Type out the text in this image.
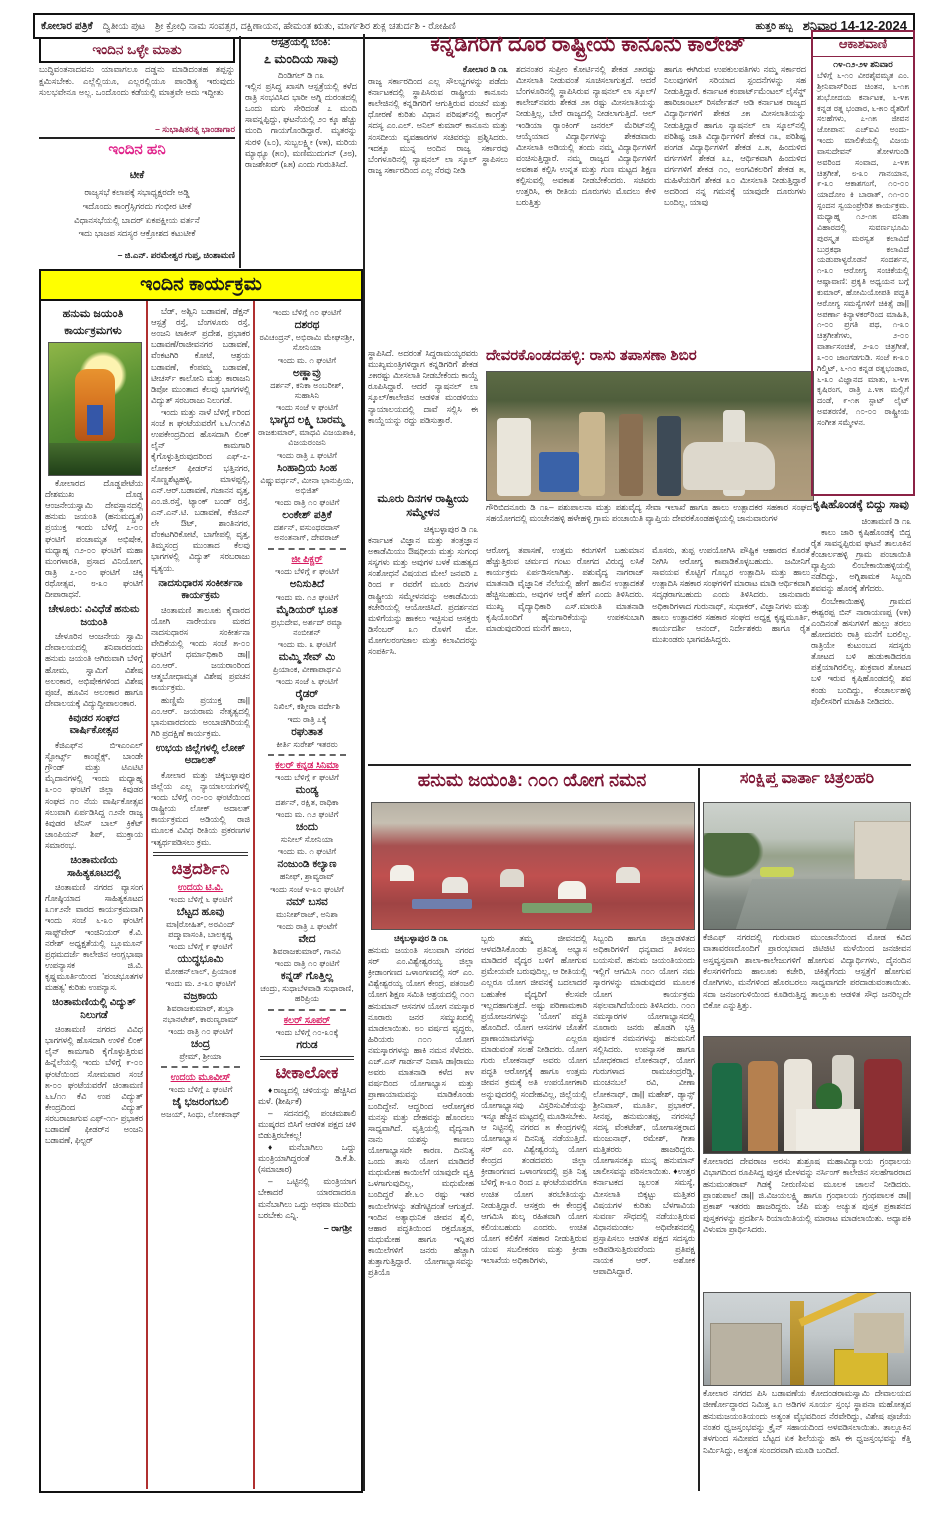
ಕೋಲಾರ ಪತ್ರಿಕೆ ದ್ವಿತೀಯ ಪುಟ ಶ್ರೀ ಕ್ರೋಧಿ ನಾಮ ಸಂವತ್ಸರ, ದಕ್ಷಿಣಾಯನ, ಹೇಮಂತ ಋತು, ಮಾರ್ಗಶಿರ ಶುಕ್ಲ ಚತುರ್ದಶಿ - ರೋಹಿಣಿ	ಹುತ್ತರಿ ಹಬ್ಬ ಶನಿವಾರ 14-12-2024
ಇಂದಿನ ಒಳ್ಳೇ ಮಾತು
ಬುದ್ಧಿವಂತನಾದವನು ಯಾವಾಗಲೂ ದಡ್ಡನು ಮಾಡಿದಂತಹ ತಪ್ಪನ್ನು ಕ್ಷಮಿಸಬೇಕು. ಎಲ್ಲೆಲ್ಲಿಯೂ, ಎಲ್ಲರಲ್ಲಿಯೂ ಪಾಂಡಿತ್ಯ ಇರುವುದು ಸುಲಭವೇನೂ ಅಲ್ಲ. ಒಂದೊಂದು ಕಡೆಯಲ್ಲಿ ಮಾತ್ರವೇ ಅದು ಇದ್ದೀತು
– ಸುಭಾಷಿತರತ್ನ ಭಾಂಡಾಗಾರ
ಇಂದಿನ ಹನಿ
ಟೀಕೆ
ರಾಜ್ಯಸಭೆ ಕಲಾಪಕ್ಕೆ ಸಭಾಧ್ಯಕ್ಷರದೇ ಅಡ್ಡಿ
ಇದೊಂದು ಕಾಂಗ್ರೆಸ್ಸಿಗರದು ಗಂಭೀರ ಟೀಕೆ
ವಿಧಾನಸಭೆಯಲ್ಲಿ ಬಾದರ್ ಏಕಪಕ್ಷೀಯ ವರ್ತನೆ
ಇದು ಭಾಜಪ ಸದಸ್ಯರ ಆಕ್ರೋಶದ ಕಟುಟೀಕೆ
– ಜಿ.ಎನ್. ಪರಮೇಶ್ವರ ಗುಪ್ತ, ಚಿಂಶಾಮಣಿ
ಆಸ್ಪತ್ರೆಯಲ್ಲಿ ಬೆಂಕಿ:
೭ ಮಂದಿಯ ಸಾವು
ದಿಂಡಿಗಲ್ ಡಿ ೧೩
ಇಲ್ಲಿನ ಪ್ರಸಿದ್ಧ ಖಾಸಗಿ ಆಸ್ಪತ್ರೆಯಲ್ಲಿ ಕಳೆದ ರಾತ್ರಿ ಸಂಭವಿಸಿದ ಭಾರೀ ಅಗ್ನಿ ದುರಂತದಲ್ಲಿ ಒಂದು ಮಗು ಸೇರಿದಂತೆ ೭ ಮಂದಿ ಸಾವನ್ನಪ್ಪಿದ್ದು, ಘಟನೆಯಲ್ಲಿ ೨೦ ಕ್ಕೂ ಹೆಚ್ಚು ಮಂದಿ ಗಾಯಗೊಂಡಿದ್ದಾರೆ. ಮೃತರನ್ನು ಸುರಳಿ (೬೦), ಸುಬ್ಬಲಕ್ಷ್ಮೀ (೪೫), ಮರಿಯ ಮ್ಯಾಥ್ಯೂ (೫೦), ಮಣಿಮುದುಗನ್ (೨೮), ರಾಜಶೇಖರ್ (೩೫) ಎಂದು ಗುರುತಿಸಿದೆ.
ಕನ್ನಡಿಗರಿಗೆ ದೂರ ರಾಷ್ಟ್ರೀಯ ಕಾನೂನು ಕಾಲೇಜ್
ಕೋಲಾರ ಡಿ ೧೩
ರಾಜ್ಯ ಸರ್ಕಾರದಿಂದ ಎಲ್ಲ ಸೌಲಭ್ಯಗಳನ್ನು ಪಡೆದು ಕರ್ನಾಟಕದಲ್ಲಿ ಸ್ಥಾಪಿಸಿರುವ ರಾಷ್ಟ್ರೀಯ ಕಾನೂನು ಕಾಲೇಜಿನಲ್ಲಿ ಕನ್ನಡಿಗರಿಗೆ ಆಗುತ್ತಿರುವ ವಂಚನೆ ಮತ್ತು ಧೋರಣೆ ಕುರಿತು ವಿಧಾನ ಪರಿಷತ್‌ನಲ್ಲಿ ಕಾಂಗ್ರೆಸ್ ಸದಸ್ಯ ಎಂ.ಎಲ್. ಅನಿಲ್ ಕುಮಾರ್ ಕಾನೂನು ಮತ್ತು ಸಂಸದೀಯ ವ್ಯವಹಾರಗಳ ಸಚಿವರನ್ನು ಪ್ರಶ್ನಿಸಿದರು. ಇದಕ್ಕೂ ಮುನ್ನ ಅಂದಿನ ರಾಜ್ಯ ಸರ್ಕಾರವು ಬೆಂಗಳೂರಿನಲ್ಲಿ ನ್ಯಾಷನಲ್ ಲಾ ಸ್ಕೂಲ್ ಸ್ಥಾಪಿಸಲು ರಾಜ್ಯ ಸರ್ಕಾರದಿಂದ ಎಲ್ಲ ನೆರವು ನೀಡಿ
ಶದನಂತರ ಸುಪ್ರೀಂ ಕೋರ್ಟಿನಲ್ಲಿ ಶೇಕಡ ೨೫ರಷ್ಟು ಮೀಸಲಾತಿ ನೀಡುವಂತೆ ಸೂಚಿಸಲಾಗುತ್ತದೆ. ಆದರೆ ಬೆಂಗಳೂರಿನಲ್ಲಿ ಸ್ಥಾಪಿಸಿರುವ ನ್ಯಾಷನಲ್ ಲಾ ಸ್ಕೂಲ್/ಕಾಲೇಜ್‌ನವರು ಶೇಕಡ ೨೫ ರಷ್ಟು ಮೀಸಲಾತಿಯನ್ನು ನೀಡುತ್ತಿಲ್ಲ, ಬೇರೆ ರಾಜ್ಯದಲ್ಲಿ ನೀಡಲಾಗುತ್ತಿದೆ. ಆಲ್ ಇಂಡಿಯಾ ರ‍್ಯಾಂಕಿಂಗ್ ಜನರಲ್ ಮೆರಿಟ್‌ನಲ್ಲಿ ಆಯ್ಕೆಯಾದ ವಿದ್ಯಾರ್ಥಿಗಳನ್ನು ಶೇಕಡವಾರು ಮೀಸಲಾತಿ ಅಡಿಯಲ್ಲಿ ತಂದು ನಮ್ಮ ವಿದ್ಯಾರ್ಥಿಗಳಿಗೆ ವಂಚಿಸುತ್ತಿದ್ದಾರೆ. ನಮ್ಮ ರಾಜ್ಯದ ವಿದ್ಯಾರ್ಥಿಗಳಿಗೆ ಅವಕಾಶ ಕಲ್ಪಿಸಿ ಉನ್ನತ ಮತ್ತು ಗುಣ ಮಟ್ಟದ ಶಿಕ್ಷಣ ಕಲ್ಪಿಸುವಲ್ಲಿ ಅವಕಾಶ ನೀಡಬೇಕೆಂದರು. ಸಚಿವರು ಉತ್ತರಿಸಿ, ಈ ರೀತಿಯ ದೂರುಗಳು ಮೊದಲು ಕೇಳಿ ಬರುತ್ತಿತ್ತು
ಹಾಗೂ ಈಗಿರುವ ಉಪಕುಲಪತಿಗಳು ನಮ್ಮ ಸರ್ಕಾರದ ನಿಲುವುಗಳಿಗೆ ಸರಿಯಾದ ಸ್ಪಂದನೆಗಳನ್ನು ಸಹ ನೀಡುತ್ತಿದ್ದಾರೆ. ಕರ್ನಾಟಕ ಕಂಪಾರ್ಟ್‌ಮೆಂಟಲ್ ಲೈಸೆನ್ಡ್ ಹಾರಿಜಾಂಟಲ್ ರಿಸರ್ವೇಶನ್ ಆಡಿ ಕರ್ನಾಟಕ ರಾಜ್ಯದ ವಿದ್ಯಾರ್ಥಿಗಳಿಗೆ ಶೇಕಡ ೨೫ ಮೀಸಲಾತಿಯನ್ನು ನೀಡುತ್ತಿದ್ದಾರೆ ಹಾಗೂ ನ್ಯಾಷನಲ್ ಲಾ ಸ್ಕೂಲ್‌ನಲ್ಲಿ ಪರಿಶಿಷ್ಟ ಜಾತಿ ವಿದ್ಯಾರ್ಥಿಗಳಿಗೆ ಶೇಕಡ ೧೩, ಪರಿಶಿಷ್ಟ ಪಂಗಡ ವಿದ್ಯಾರ್ಥಿಗಳಿಗೆ ಶೇಕಡ ೭.೫, ಹಿಂದುಳಿದ ವರ್ಗಗಳಿಗೆ ಶೇಕಡ ೩೭, ಆರ್ಥಿಕವಾಗಿ ಹಿಂದುಳಿದ ವರ್ಗಗಳಿಗೆ ಶೇಕಡ ೧೦, ಅಂಗವಿಕಲರಿಗೆ ಶೇಕಡ ೫, ಮಹಿಳೆಯರಿಗೆ ಶೇಕಡ ೩೦ ಮೀಸಲಾತಿ ನೀಡುತ್ತಿದ್ದಾರೆ ಅದರಿಂದ ನನ್ನ ಗಮನಕ್ಕೆ ಯಾವುದೇ ದೂರುಗಳು ಬಂದಿಲ್ಲ, ಯಾವು
ಸ್ಥಾಪಿಸಿದೆ. ಅದರಂತೆ ಸಿದ್ದರಾಮಯ್ಯರವರು ಮುಖ್ಯಮಂತ್ರಿಗಳಿದ್ದಾಗ ಕನ್ನಡಿಗರಿಗೆ ಶೇಕಡ ೨೫ರಷ್ಟು ಮೀಸಲಾತಿ ನೀಡಬೇಕೆಂದು ಕಾಯ್ದೆ ರೂಪಿಸಿದ್ದಾರೆ. ಆದರೆ ನ್ಯಾಷನಲ್ ಲಾ ಸ್ಕೂಲ್/ಕಾಲೇಜಿನ ಆಡಳಿತ ಮಂಡಳಿಯು ನ್ಯಾಯಾಲಯದಲ್ಲಿ ದಾವೆ ಸಲ್ಲಿಸಿ ಈ ಕಾಯ್ದೆಯನ್ನು ರದ್ದು ಪಡಿಸುತ್ತಾರೆ.
ಮೂರು ದಿನಗಳ ರಾಷ್ಟ್ರೀಯ ಸಮ್ಮೇಳನ
ಚಿಕ್ಕಬಳ್ಳಾಪುರ ಡಿ ೧೩
ಕರ್ನಾಟಕ ವಿಜ್ಞಾನ ಮತ್ತು ತಂತ್ರಜ್ಞಾನ ಅಕಾಡೆಮಿಯು ಔಷಧೀಯ ಮತ್ತು ಸುಗಂಧ ಸಸ್ಯಗಳು ಮತ್ತು ಅವುಗಳ ಬಳಕೆ ಮಹತ್ವದ ಸಂಶೋಧನೆ ವಿಷಯದ ಮೇಲೆ ಜನವರಿ ೭ ರಿಂದ ೯ ರವರೆಗೆ ಮೂರು ದಿನಗಳ ರಾಷ್ಟ್ರೀಯ ಸಮ್ಮೇಳನವನ್ನು ಅಕಾಡೆಮಿಯ ಕಚೇರಿಯಲ್ಲಿ ಆಯೋಜಿಸಿದೆ. ಪ್ರದರ್ಶನದ ಮಳಿಗೆಯನ್ನು ಹಾಕಲು ಇಚ್ಛಿಸುವ ಆಸಕ್ತರು ಡಿಸೆಂಬರ್ ೩೧ ರೊಳಗೆ ಮೇ. ಮೋಗಲರಂಗಜಾಲ ಮತ್ತು ಕಲಾವಿದರನ್ನು ಸಂಪರ್ಕಿಸಿ.
ದೇವರಕೊಂಡದಹಳ್ಳಿ: ರಾಸು ತಪಾಸಣಾ ಶಿಬಿರ
ಗೌರಿಬಿದನೂರು ಡಿ ೧೩– ಪಶುಪಾಲನಾ ಮತ್ತು ಪಶುವೈದ್ಯ ಸೇವಾ ಇಲಾಖೆ ಹಾಗೂ ಹಾಲು ಉತ್ಪಾದಕರ ಸಹಕಾರ ಸಂಘದ ಸಹಯೋಗದಲ್ಲಿ ಮಂಚೇನಹಳ್ಳಿ ಹಳೇಹಳ್ಳಿ ಗ್ರಾಮ ಪಂಚಾಯಿತಿ ವ್ಯಾಪ್ತಿಯ ದೇವರಕೊಂಡಹಳ್ಳಿಯಲ್ಲಿ ಜಾನುವಾರುಗಳ
ಆರೋಗ್ಯ ತಪಾಸಣೆ, ಉತ್ತಮ ಕರುಗಳಿಗೆ ಬಹುಮಾನ ಹೆಚ್ಚುತ್ತಿರುವ ಚರ್ಮದ ಗಂಟು ರೋಗದ ವಿರುದ್ಧ ಲಸಿಕೆ ಕಾರ್ಯಕ್ರಮ ಏರ್ಪಡಿಸಲಾಗಿತ್ತು. ಪಶುವೈದ್ಯ ನಾಗರಾಜ್ ಮಾತನಾಡಿ ವೈಜ್ಞಾನಿಕ ನೆಲೆಯಲ್ಲಿ ಹೇಗೆ ಹಾಲಿನ ಉತ್ಪಾದಕತೆ ಹೆಚ್ಚಿಸಬಹುದು, ಅವುಗಳ ಆರೈಕೆ ಹೇಗೆ ಎಂದು ತಿಳಿಸಿದರು. ಮುಖ್ಯ ವೈದ್ಯಾಧಿಕಾರಿ ಎಸ್.ಮಾರುತಿ ಮಾತನಾಡಿ ಕೃಷಿಯೊಂದಿಗೆ ಹೈನುಗಾರಿಕೆಯನ್ನು ಉಪಕಸುಬಾಗಿ ಮಾಡುವುದರಿಂದ ಮನೆಗೆ ಹಾಲು,
ಮೊಸರು, ತುಪ್ಪ ಉಪಯೋಗಿಸಿ ಪೌಷ್ಟಿಕ ಆಹಾರದ ಕೊರತೆ ನೀಗಿಸಿ ಆರೋಗ್ಯ ಕಾಪಾಡಿಕೊಳ್ಳಬಹುದು. ಜಮೀನಿಗೆ ಸಾವಯವ ಕೊಟ್ಟಿಗೆ ಗೊಬ್ಬರ ಉತ್ಪಾದಿಸಿ ಮತ್ತು ಹಾಲು ಉತ್ಪಾದಿಸಿ ಸಹಕಾರ ಸಂಘಗಳಿಗೆ ಮಾರಾಟ ಮಾಡಿ ಆರ್ಥಿಕವಾಗಿ ಸದೃಢರಾಗಬಹುದು ಎಂದು ತಿಳಿಸಿದರು. ಜಾನುವಾರು ಅಧಿಕಾರಿಗಳಾದ ಗುರುನಾಥ್, ಸುಧಾಕರ್, ವಿಜ್ಞಾನಿಗಳು ಮತ್ತು ಹಾಲು ಉತ್ಪಾದಕರ ಸಹಕಾರ ಸಂಘದ ಅಧ್ಯಕ್ಷ ಕೃಷ್ಣಮೂರ್ತಿ, ಕಾರ್ಯದರ್ಶಿ ಆನಂದ್, ನಿರ್ದೇಶಕರು ಹಾಗೂ ರೈತ ಮುಖಂಡರು ಭಾಗವಹಿಸಿದ್ದರು.
ಆಕಾಶವಾಣಿ
೧೪-೧೨-೨೪ ಶನಿವಾರ
ಬೆಳಿಗ್ಗೆ ೬-೧೦ ವೀರಶೈವಮೃತ ಎಂ. ಶ್ರೀನಿವಾಸ್‌ರಿಂದ ಚಿಂತನ, ೬-೧೫ ಶುಭೋದಯ ಕರ್ನಾಟಕ, ೬-೪೫ ಕನ್ನಡ ರತ್ನ ಭಂಡಾರ, ೬-೫೦ ರೈತರಿಗೆ ಸಲಹೆಗಳು, ೭-೧೫ ಜೀವನ ಜೋಪಾನ: ಎಚ್‌ಐವಿ ಅಂದು-ಇಂದು ಮಾಲಿಕೆಯಲ್ಲಿ ವಿಜಯ ವಾಸುದೇವನ್ ತೋಳಗುಂಡಿ ಅವರಿಂದ ಸಂವಾದ, ೭-೪೫ ಚಿತ್ರಗೀತೆ, ೮-೩೦ ಗಾನಯಾನ, ೯-೩೦ ಆಕಾಶಗಂಗೆ, ೧೦-೦೦ ಯಾದೋಂ ಕಿ ಬಾರಾತ್, ೧೧-೦೦ ಸ್ಪಂದನ ಸ್ವಯಂಪ್ರೇರಿತ ಕಾರ್ಯಕ್ರಮ. ಮಧ್ಯಾಹ್ನ ೧೨-೧೫ ವನಿತಾ ವಿಹಾರದಲ್ಲಿ ಸುವರ್ಣಭೂಮಿ ಪುರಸ್ಕೃತ ಮರಸ್ವತ ಕಲಾವಿದೆ ಬುರ್ರಕಥಾ ಕಲಾವಿದೆ ಯಡುಪಾಳ್ಯರೊಡನೆ ಸಂದರ್ಶನ, ೧-೩೦ ಆರೋಗ್ಯ ಸಂಚಿಕೆಯಲ್ಲಿ ಆಷ್ಪಾವಾಣಿ: ಪ್ರಕೃತಿ ಅಧ್ಯಯನ ಬಗ್ಗೆ ಕುಮಾರ್, ಹೋಮಿಯೋಪತಿ ಪದ್ಧತಿ ಆರೋಗ್ಯ ಸಮಸ್ಯೆಗಳಿಗೆ ಚಿಕಿತ್ಸೆ ಡಾ|| ಅಪರ್ಣಾ ಕಿನ್ಯಾಳಕರ್‌ರಿಂದ ಮಾಹಿತಿ, ೧-೦೦ ಪ್ರಗತಿ ಪಥ, ೧-೩೦ ಚಿತ್ರಗೀತೆಗಳು, ೨-೦೦ ವಾರ್ತಾಸಂಚಿಕೆ, ೨-೩೦ ಚಿತ್ರಗೀತೆ, ೩-೦೦ ಜಾಂಗಡಗುಡಿ. ಸಂಜೆ ೫-೩೦ ಗಿಲ್ಮಿಟ್, ೬-೧೦ ಕನ್ನಡ ರತ್ನಭಂಡಾರ, ೬-೩೦ ವಿಜ್ಞಾನದ ಮಾತು, ೬-೪೫ ಕೃಷಿರಂಗ, ರಾತ್ರಿ ೭.೪೫ ಮಲ್ಲಿಗೆ ದಂಡೆ, ೯-೧೫ ಸ್ಪಾಟ್ ಲೈಟ್ ಅವತರಣಿಕೆ, ೧೦-೦೦ ರಾಷ್ಟ್ರೀಯ ಸಂಗೀತ ಸಮ್ಮೇಳನ.
ಕೃಷಿಹೊಂಡಕ್ಕೆ ಬಿದ್ದು ಸಾವು
ಚಿಂತಾಮಣಿ ಡಿ ೧೩

ಕಾಲು ಜಾರಿ ಕೃಷಿಹೊಂಡಕ್ಕೆ ಬಿದ್ದ ರೈತ ಸಾವನ್ನಪ್ಪಿರುವ ಘಟನೆ ತಾಲೂಕಿನ ಕೆಂಚಾರ್ಲಹಳ್ಳಿ ಗ್ರಾಮ ಪಂಚಾಯಿತಿ ವ್ಯಾಪ್ತಿಯ ಲಿಂಬೇಕಾಯಿಹಳ್ಳಿಯಲ್ಲಿ ನಡೆದಿದ್ದು, ಅಗ್ನಿಶಾಮಕ ಸಿಬ್ಬಂದಿ ಶವವನ್ನು ಹೊರಕ್ಕೆ ತೆಗೆದರು.

ಲಿಂಬೇಕಾಯಿಹಳ್ಳಿ ಗ್ರಾಮದ ಈಶ್ವರಪ್ಪ ಬಿನ್ ನಾರಾಯಣಪ್ಪ (೪೫) ಎಂದಿನಂತೆ ಹಸುಗಳಿಗೆ ಹುಲ್ಲು ತರಲು ಹೋದವರು ರಾತ್ರಿ ಮನೆಗೆ ಬರಲಿಲ್ಲ. ರಾತ್ರಿಯೇ ಕುಟುಂಬದ ಸದಸ್ಯರು ತೋಟದ ಬಳಿ ಹುಡುಕಾಡಿದರೂ ಪತ್ತೆಯಾಗಿರಲಿಲ್ಲ. ಶುಕ್ರವಾರ ತೋಟದ ಬಳಿ ಇರುವ ಕೃಷಿಹೊಂಡದಲ್ಲಿ ಶವ ಕಂಡು ಬಂದಿದ್ದು, ಕೆಂಚಾರ್ಲಹಳ್ಳಿ ಪೊಲೀಸರಿಗೆ ಮಾಹಿತಿ ನೀಡಿದರು.

ಇಂದಿನ ಕಾರ್ಯಕ್ರಮ
ಹನುಮ ಜಯಂತಿ ಕಾರ್ಯಕ್ರಮಗಳು
ಕೋಲಾರದ ದೊಡ್ಡಪೇಟೆಯ ದೇಶಮುಖ ದೊಡ್ಡ ಆಂಜನೇಯಸ್ವಾಮಿ ದೇವಸ್ಥಾನದಲ್ಲಿ ಹನುಮ ಜಯಂತಿ (ಹನುಮದ್ವ್ರತ) ಪ್ರಯುಕ್ತ ಇಂದು ಬೆಳಿಗ್ಗೆ ೭-೦೦ ಘಂಟಿಗೆ ಪಂಚಾಮೃತ ಅಭಿಷೇಕ, ಮಧ್ಯಾಹ್ನ ೧೨-೦೦ ಘಂಟಿಗೆ ಮಹಾ ಮಂಗಳಾರತಿ, ಪ್ರಸಾದ ವಿನಿಯೋಗ, ರಾತ್ರಿ ೭-೦೦ ಘಂಟಿಗೆ ಚಿಕ್ಕ ರಥೋತ್ಸವ, ೮-೩೦ ಘಂಟಿಗೆ ದೀಪಾರಾಧನೆ.
ಚೇಳೂರು: ವಿವಿಧೆಡೆ ಹನುಮ ಜಯಂತಿ
ಚೇಳೂರಿನ ಆಂಜನೇಯ ಸ್ವಾಮಿ ದೇವಾಲಯದಲ್ಲಿ ಶನಿವಾರದಂದು ಹನುಮ ಜಯಂತಿ ಆಗಿರುವಾಗಿ ಬೆಳಿಗ್ಗೆ ಹೋಮ, ಸ್ವಾಮಿಗೆ ವಿಶೇಷ ಅಲಂಕಾರ, ಅಭಿಷೇಕಗಳಿಂದ ವಿಶೇಷ ಪೂಜೆ, ಹೂವಿನ ಅಲಂಕಾರ ಹಾಗೂ ದೇವಾಲಯಕ್ಕೆ ವಿದ್ಯುದ್ದೀಪಾಲಂಕಾರ.
ಕಿವುಡರ ಸಂಘದ ವಾರ್ಷಿಕೋತ್ಸವ
ಕೆಜಿಎಫ್‌ನ ಬಿಇಎಂಎಲ್ ಸ್ಪೋರ್ಟ್ಸ್ ಕಾಂಪ್ಲೆಕ್ಸ್, ಬಾಂಡೇ ಗ್ರೌಂಡ್ ಮತ್ತು ಟಿಎಟಿಟಿ ಮೈದಾನಗಳಲ್ಲಿ ಇಂದು ಮಧ್ಯಾಹ್ನ ೩-೦೦ ಘಂಟಿಗೆ ಜಿಲ್ಲಾ ಕಿವುಡರ ಸಂಘದ ೧೦ ನೆಯ ವಾರ್ಷಿಕೋತ್ಸವ ಸಲುವಾಗಿ ಏರ್ಪಡಿಸಿದ್ದ ೧೨ನೇ ರಾಜ್ಯ ಕಿವುಡರ ಟೆನಿಸ್ ಬಾಲ್ ಕ್ರಿಕೆಟ್ ಚಾಂಪಿಯನ್ ಶಿಪ್, ಮುಕ್ತಾಯ ಸಮಾರಂಭ.
ಚಿಂತಾಮಣಿಯ ಸಾಹಿತ್ಯಕೂಟದಲ್ಲಿ
ಚಿಂತಾಮಣಿ ನಗರದ ವ್ಯಾಸಂಗ ಗೋಷ್ಠಿಯಾದ ಸಾಹಿತ್ಯಕೂಟದ ೩೧೯೨ನೇ ವಾರದ ಕಾರ್ಯಕ್ರಮವಾಗಿ ಇಂದು ಸಂಜೆ ೬-೩೦ ಘಂಟಿಗೆ ಸಾಫ್ಟ್‌ವೇರ್ ಇಂಜಿನಿಯರ್ ಕೆ.ವಿ. ನರೇಶ್ ಅಧ್ಯಕ್ಷತೆಯಲ್ಲಿ ಬ್ಲೂಮೂನ್ ಪ್ರಥಮದರ್ಜೆ ಕಾಲೇಜಿನ ಆಂಗ್ಲಭಾಷಾ ಉಪನ್ಯಾಸಕ ಜಿ.ವಿ. ಕೃಷ್ಣಮೂರ್ತಿಯಿಂದ 'ಪಂಚಭೂತಗಳ ಮಹತ್ವ' ಕುರಿತು ಉಪನ್ಯಾಸ.
ಚಿಂತಾಮಣಿಯಲ್ಲಿ ವಿದ್ಯುತ್ ನಿಲುಗಡೆ
ಚಿಂತಾಮಣಿ ನಗರದ ವಿವಿಧ ಭಾಗಗಳಲ್ಲಿ ಹೊಸದಾಗಿ ಉಳಿಕೆ ಲಿಂಕ್ ಲೈನ್ ಕಾಮಗಾರಿ ಕೈಗೊಳ್ಳುತ್ತಿರುವ ಹಿನ್ನೆಲೆಯಲ್ಲಿ ಇಂದು ಬೆಳಿಗ್ಗೆ ೯-೦೦ ಘಂಟೆಯಿಂದ ಸೋಮವಾರ ಸಂಜೆ ೫-೦೦ ಘಂಟೆಯವರೆಗೆ ಚಿಂತಾಮಣಿ ೬೬/೧೧ ಕೆವಿ ಉಪ ವಿದ್ಯುತ್ ಕೇಂದ್ರದಿಂದ ವಿದ್ಯುತ್ ಸರಬರಾಜಾಗುವ ಎಫ್-೧೧- ಪ್ರಭಾಕರ ಬಡಾವಣೆ ಫೀಡರ್‌ನ ಅಂಜನಿ ಬಡಾವಣೆ, ಫಿಲ್ಟರ್
ಬೆಡ್, ಅಶ್ವಿನಿ ಬಡಾವಣೆ, ಡೆಕ್ಷನ್ ಆಸ್ಪತ್ರೆ ರಸ್ತೆ, ಬೆಂಗಳೂರು ರಸ್ತೆ, ಅಂಜನಿ ಟಾಕೀಸ್ ಪ್ರದೇಶ, ಪ್ರಭಾಕರ ಬಡಾವಣೆ/ರಾಜೀವನಗರ ಬಡಾವಣೆ, ವೆಂಕಟಗಿರಿ ಕೋಟೆ, ಆಶ್ರಯ ಬಡಾವಣೆ, ಕೆಂಪಮ್ಮ ಬಡಾವಣೆ, ಟೀಚರ್ಸ್ ಕಾಲೋನಿ ಮತ್ತು ಕಾರಾಜನಿ ಡಿಪೋ ಮುಂತಾದ ಕೆಲವು ಭಾಗಗಳಲ್ಲಿ ವಿದ್ಯುತ್ ಸರಬರಾಜು ನಿಲುಗಡೆ.
ಇಂದು ಮತ್ತು ನಾಳೆ ಬೆಳಿಗ್ಗೆ ೯ರಿಂದ ಸಂಜೆ ೫ ಘಂಟೆಯವರೆಗೆ ೬೬/೧೧ಕೆವಿ ಉಪಕೇಂದ್ರದಿಂದ ಹೊಸದಾಗಿ ಲಿಂಕ್ ಲೈನ್ ಕಾಮಗಾರಿ ಕೈಗೊಳ್ಳುತ್ತಿರುವುದರಿಂದ ಎಫ್-೭-ಲೋಕಲ್ ಫೀಡರ್‌ನ ಭತ್ತಿನಗರ, ಸೊಣ್ಣಶೆಟ್ಟಹಳ್ಳಿ, ಮಾಳಪ್ಪಲ್ಲಿ, ಎನ್.ಆರ್.ಬಡಾವಣೆ, ಗಜಾನನ ವೃತ್ತ, ಎಂ.ಜಿ.ರಸ್ತೆ, ಟ್ಯಾಂಕ್ ಬಂಡ್ ರಸ್ತೆ, ಎನ್.ಎನ್.ಟಿ. ಬಡಾವಣೆ, ಕೆಜಿಎನ್ ಲೇ ಔಟ್, ಶಾಂತಿನಗರ, ವೆಂಕಟಗಿರಿಕೋಟೆ, ಬಾಗೇಪಲ್ಲಿ ವೃತ್ತ, ತಿಮ್ಮಸಂದ್ರ ಮುಂತಾದ ಕೆಲವು ಭಾಗಗಳಲ್ಲಿ ವಿದ್ಯುತ್ ಸರಬರಾಜು ವ್ಯತ್ಯಯ.
ನಾದಸುಧಾರಸ ಸಂಕೀರ್ತನಾ ಕಾರ್ಯಕ್ರಮ
ಚಿಂತಾಮಣಿ ತಾಲೂಕು ಕೈವಾರದ ಯೋಗಿ ನಾರೇಯಣ ಮಠದ ನಾದಸುಧಾರಸ ಸಂಕೀರ್ತನಾ ವೇದಿಕೆಯಲ್ಲಿ ಇಂದು ಸಂಜೆ ೫-೦೦ ಘಂಟಿಗೆ ಧರ್ಮಾಧಿಕಾರಿ ಡಾ|| ಎಂ.ಆರ್. ಜಯರಾಂರಿಂದ ಆತ್ಮಬೋಧಾಮೃತ ವಿಶೇಷ ಪ್ರವಚನ ಕಾರ್ಯಕ್ರಮ.
ಹುಣ್ಣಿಮೆ ಪ್ರಯುಕ್ತ ಡಾ|| ಎಂ.ಆರ್. ಜಯರಾಮ ನೇತೃತ್ವದಲ್ಲಿ ಭಾನುವಾರದಂದು ಅಂಬಾಜಿಗಿರಿಯಲ್ಲಿ ಗಿರಿ ಪ್ರದಕ್ಷಿಣೆ ಕಾರ್ಯಕ್ರಮ.
ಉಭಯ ಜಿಲ್ಲೆಗಳಲ್ಲಿ ಲೋಕ್ ಅದಾಲತ್
ಕೋಲಾರ ಮತ್ತು ಚಿಕ್ಕಬಳ್ಳಾಪುರ ಜಿಲ್ಲೆಯ ಎಲ್ಲ ನ್ಯಾಯಾಲಯಗಳಲ್ಲಿ ಇಂದು ಬೆಳಿಗ್ಗೆ ೧೦-೦೦ ಘಂಟೆಯಿಂದ ರಾಷ್ಟ್ರೀಯ ಲೋಕ್ ಅದಾಲತ್ ಕಾರ್ಯಕ್ರಮದ ಅಡಿಯಲ್ಲಿ ರಾಜಿ ಮೂಲಕ ವಿವಿಧ ರೀತಿಯ ಪ್ರಕರಣಗಳ ಇತ್ಯರ್ಥಪಡಿಸಲು ಕ್ರಮ.
ಚಿತ್ರದರ್ಶಿನಿ
ಉದಯ ಟಿ.ವಿ.
ಇಂದು ಬೆಳಿಗ್ಗೆ ೬ ಘಂಟಿಗೆ
ಬೆಟ್ಟದ ಹೂವು
ಮಾ|ರೋಹಿತ್, ಅರವಿಂದ್ ಪದ್ಮಾವಾಸಂತಿ, ಬಾಲಕೃಷ್ಣ
ಇಂದು ಬೆಳಿಗ್ಗೆ ೯ ಘಂಟಿಗೆ
ಯುದ್ಧಭೂಮಿ
ಮೋಹನ್‌ಲಾಲ್, ಪ್ರಿಯಾಂಕ
ಇಂದು ಮ. ೨-೩೦ ಘಂಟಿಗೆ
ವಜ್ರಕಾಯ
ಶಿವರಾಜಕುಮಾರ್, ಶುಭ್ರಾ ನಭಾನಟೇಶ್, ಕಾರುಣ್ಯರಾಮ್
ಇಂದು ರಾತ್ರಿ ೧೦ ಘಂಟಿಗೆ
ಚಂದ್ರ
ಪ್ರೇಮ್, ಶ್ರೀಯಾ
ಉದಯ ಮೂವೀಸ್
ಇಂದು ಬೆಳಿಗ್ಗೆ ೭ ಘಂಟಿಗೆ
ಜೈ ಭಜರಂಗಬಲಿ
ಅಜಯ್, ಸಿಂಧು, ಲೋಕನಾಥ್
ಇಂದು ಬೆಳಿಗ್ಗೆ ೧೦ ಘಂಟಿಗೆ
ದಶರಥ
ರವಿಚಂದ್ರನ್, ಅಭಿರಾಮಿ ಮೇಘನಶ್ರೀ, ಸೋನಿಯಾ
ಇಂದು ಮ. ೧ ಘಂಟಿಗೆ
ಅಣ್ಣಾವ್ರು
ದರ್ಶನ್, ಕನಿಕಾ ಅಂಬರೀಶ್, ಸುಹಾಸಿನಿ
ಇಂದು ಸಂಜೆ ೪ ಘಂಟಿಗೆ
ಭಾಗ್ಯದ ಲಕ್ಷ್ಮಿ ಬಾರಮ್ಮ
ರಾಜಕುಮಾರ್, ಮಾಧವಿ ವಿಜಯಶಾಕಿ, ವಿಜಯರಂಜನಿ
ಇಂದು ರಾತ್ರಿ ೭ ಘಂಟಿಗೆ
ಸಿಂಹಾದ್ರಿಯ ಸಿಂಹ
ವಿಷ್ಣುವರ್ಧನ್, ಮೀನಾ ಭಾನುಪ್ರಿಯ, ಅಭಿಜಿತ್
ಇಂದು ರಾತ್ರಿ ೧೦ ಘಂಟಿಗೆ
ಲಂಕೇಶ್ ಪತ್ರಿಕೆ
ದರ್ಶನ್, ವಸುಂಧರದಾಸ್ ಅನಂತನಾಗ್, ದೇವರಾಜ್
ಜೀ ಪಿಕ್ಚರ್
ಇಂದು ಬೆಳಿಗ್ಗೆ ೯ ಘಂಟಿಗೆ
ಅನಿಸುತಿದೆ
ಇಂದು ಮ. ೧೨ ಘಂಟಿಗೆ
ಮೈಡಿಯರ್ ಭೂತ
ಪ್ರಭುದೇವ, ಅರ್ಶದ್ ರಮ್ಯಾ ನಂಬೀಶನ್
ಇಂದು ಮ. ೩ ಘಂಟಿಗೆ
ಮಮ್ಮಿ ಸೇವ್ ಮಿ
ಪ್ರಿಯಾಂಕ, ವೀಣಾಪಾರ್ಥವಿ
ಇಂದು ಸಂಜೆ ೬ ಘಂಟಿಗೆ
ರೈಡರ್
ನಿಖಿಲ್, ಕಶ್ಮೀರಾ ವರ್ದೇಶಿ
ಇದು ರಾತ್ರಿ ೭ಕ್ಕೆ
ರಘುತಾತ
ಕೀರ್ತಿ ಸುರೇಶ್ ಇತರರು
ಕಲರ್ ಕನ್ನಡ ಸಿನಿಮಾ
ಇಂದು ಬೆಳಿಗ್ಗೆ ೯ ಘಂಟಿಗೆ
ಮಂಡ್ಯ
ದರ್ಶನ್, ರಕ್ಷಿತ, ರಾಧಿಕಾ
ಇಂದು ಮ. ೧೨ ಘಂಟಿಗೆ
ಚಂದು
ಸುನೀಲ್ ಸೋನಿಯಾ
ಇಂದು ಮ. ೧ ಘಂಟಿಗೆ
ನಂಜುಂಡಿ ಕಲ್ಯಾಣ
ಹನೀಫ್, ಶ್ರಾವ್ಯರಾವ್
ಇಂದು ಸಂಜೆ ೪-೩೦ ಘಂಟಿಗೆ
ನಮ್ ಬಸವ
ಮುನೀಶ್‌ರಾಜ್, ಅನಿಶಾ
ಇಂದು ರಾತ್ರಿ ೭ ಘಂಟೆಗೆ
ವೇದ
ಶಿವರಾಜಕುಮಾರ್, ಗಾನವಿ
ಇಂದು ರಾತ್ರಿ ೧೦ ಘಂಟಿಗೆ
ಕನ್ನಡ್ ಗೊತ್ತಿಲ್ಲ
ಚಂದ್ರು, ಸುಧಾಬೆಳವಾಡಿ ಸುಧಾರಾಣಿ, ಹರಿಪ್ರಿಯ
ಕಲರ್ ಸೂಪರ್
ಇಂದು ಬೆಳಿಗ್ಗೆ ೧೦-೩೦ಕ್ಕೆ
ಗರುಡ
ಟೀಕಾಲೋಕ
♦ರಾಜ್ಯದಲ್ಲಿ ಚಳಿಯನ್ನು ಹೆಚ್ಚಿಸಿದ ಮಳೆ. (ಶೀರ್ಷಿಕೆ)
– ಸದನದಲ್ಲಿ ಪಂಚಮಶಾಲಿ ಮುಷ್ಕರದ ಬಿಸಿಗೆ ಆಡಳಿತ ಪಕ್ಷದ ಚಳಿ ಬಿಡುತ್ತಿರಬೇಕಲ್ಲ!
♦ಮನೆಬಾಗಿಲು ಒದ್ದು ಮಂತ್ರಿಯಾಗಿದ್ದರಂತೆ ಡಿ.ಕೆ.ಶಿ. (ಸಮಾಚಾರ)
– ಒಟ್ಟಿನಲ್ಲಿ ಮಂತ್ರಿಯಾಗ ಬೇಕಾದರೆ ಯಾರದಾದರೂ ಮನೆಬಾಗಿಲು ಒದ್ದು ಅಥವಾ ಮುರಿದು ಬರಬೇಕು ಎನ್ನಿ.
– ರಾಗಶ್ರೀ
ಹನುಮ ಜಯಂತಿ: ೧೦೧ ಯೋಗ ನಮನ
ಚಿಕ್ಕಬಳ್ಳಾಪುರ ಡಿ ೧೩
ಹನುಮ ಜಯಂತಿ ಸಲುವಾಗಿ ನಗರದ ಸರ್ ಎಂ.ವಿಶ್ವೇಶ್ವರಯ್ಯ ಜಿಲ್ಲಾ ಕ್ರೀಡಾಂಗಣದ ಒಳಾಂಗಣದಲ್ಲಿ ಸರ್ ಎಂ. ವಿಶ್ವೇಶ್ವರಯ್ಯ ಯೋಗ ಕೇಂದ್ರ, ಪತಂಜಲಿ ಯೋಗ ಶಿಕ್ಷಣ ಸಮಿತಿ ಆಶ್ರಯದಲ್ಲಿ ೧೦೧ ಹನುಮಾನ್ ಆಸನಗಳ ಯೋಗ ನಮಸ್ಕಾರ ನೂರಾರು ಜನರ ಸಮ್ಮುಖದಲ್ಲಿ ಮಾಡಲಾಯಿತು. ೮೦ ವರ್ಷದ ವೃದ್ಧರು, ಹಿರಿಯರು ೧೦೧ ಯೋಗ ನಮಸ್ಕಾರಗಳನ್ನು ಹಾಕಿ ನಮನ ಸೆಳೆದರು. ಎಚ್.ಎಸ್ ಗಾರ್ಡನ್ ನಿವಾಸಿ ಡಾ|ರಾಮು ಅವರು ಮಾತನಾಡಿ ಕಳೆದ ೫೪ ವರ್ಷದಿಂದ ಯೋಗಾಭ್ಯಾಸ ಮತ್ತು ಪ್ರಾಣಾಯಾಮವನ್ನು ಮಾಡಿಕೊಂಡು ಬಂದಿದ್ದೇನೆ. ಆದ್ದರಿಂದ ಆರೋಗ್ಯಕರ ಮನಸ್ಸು ಮತ್ತು ದೇಹವನ್ನು ಹೊಂದಲು ಸಾಧ್ಯವಾಗಿದೆ. ವೃತ್ತಿಯಲ್ಲಿ ವೈದ್ಯನಾಗಿ ನಾನು ಯಶಸ್ಸು ಕಾಣಲು ಯೋಗಾಭ್ಯಾಸವೇ ಕಾರಣ. ದಿನನಿತ್ಯ ಒಂದು ತಾಸು ಯೋಗ ಮಾಡಿದರೆ ಮಧುಮೇಹ ಕಾಯಿಲೆಗೆ ಯಾವುದೇ ವ್ಯಕ್ತಿ ಒಳಗಾಗುವುದಿಲ್ಲ, ಮಧುಮೇಹ ಬಂದಿದ್ದರೆ ಶೇ.೬೦ ರಷ್ಟು ಇತರ ಕಾಯಿಲೆಗಳನ್ನು ತಡೆಗಟ್ಟಿದಂತೆ ಆಗುತ್ತದೆ. ಇಂದಿನ ಅತ್ಯಾಧುನಿಕ ಜೀವನ ಶೈಲಿ, ಆಹಾರ ಪದ್ಧತಿಯಿಂದ ರಕ್ತದೊತ್ತಡ, ಮಧುಮೇಹ ಹಾಗೂ ಇನ್ನಿತರ ಕಾಯಿಲೆಗಳಿಗೆ ಜನರು ಹೆಚ್ಚಾಗಿ ತುತ್ತಾಗುತ್ತಿದ್ದಾರೆ. ಯೋಗಾಭ್ಯಾಸವನ್ನು ಪ್ರತಿಯೊ
ಬ್ಬರು ತಮ್ಮ ಜೀವನದಲ್ಲಿ ಆಳವಡಿಸಿಕೊಂಡು ಪ್ರತಿನಿತ್ಯ ಅಭ್ಯಾಸ ಮಾಡಿದರೆ ವೈದ್ಯರ ಬಳಿಗೆ ಹೋಗುವ ಪ್ರಮೇಯವೇ ಬರುವುದಿಲ್ಲ, ಆ ರೀತಿಯಲ್ಲಿ ಎಲ್ಲರೂ ಯೋಗ ಜೀವನಕ್ಕೆ ಬದಲಾದರೆ ಬಹುತೇಕ ವೈದ್ಯರಿಗೆ ಕೆಲಸವೇ ಇಲ್ಲದಹಾಗುತ್ತದೆ. ಅಷ್ಟು ಪರಿಣಾಮಕಾರಿ ಪ್ರಯೋಜನಗಳನ್ನು 'ಯೋಗ' ಪದ್ಧತಿ ಹೊಂದಿದೆ. ಯೋಗ ಆಸನಗಳ ಜೊತೆಗೆ ಪ್ರಾಣಾಯಾಮಗಳನ್ನು ಎಲ್ಲರೂ ಮಾಡುವಂತೆ ಸಲಹೆ ನೀಡಿದರು. ಯೋಗ ಗುರು ಲೋಕನಾಥ್ ಅವರು ಯೋಗ ಪದ್ಧತಿ ಆರೋಗ್ಯಕ್ಕೆ ಹಾಗೂ ಉತ್ತಮ ಜೀವನ ಕ್ರಮಕ್ಕೆ ಅತಿ ಉಪಯೋಗಕಾರಿ ಅನ್ನುವುದರಲ್ಲಿ ಸಂದೇಹವಿಲ್ಲ, ಜಿಲ್ಲೆಯಲ್ಲಿ ಯೋಗಾಭ್ಯಾಸವು ವಿಸ್ತರಿಸುವಿಕೆಯನ್ನು ಇನ್ನೂ ಹೆಚ್ಚಿನ ಮಟ್ಟದಲ್ಲಿ ಮೂಡಿಸಬೇಕು. ಆ ನಿಟ್ಟಿನಲ್ಲಿ ನಗರದ ೫ ಕೇಂದ್ರಗಳಲ್ಲಿ ಯೋಗಾಭ್ಯಾಸ ದಿನನಿತ್ಯ ನಡೆಯುತ್ತಿದೆ. ಸರ್ ಎಂ. ವಿಶ್ವೇಶ್ವರಯ್ಯ ಯೋಗ ಕೇಂದ್ರದ ತಂಡದವರು ಜಿಲ್ಲಾ ಕ್ರೀಡಾಂಗಣದ ಒಳಾಂಗಣದಲ್ಲಿ ಪ್ರತಿ ನಿತ್ಯ ಬೆಳಿಗ್ಗೆ ೫-೩೦ ರಿಂದ ೭ ಘಂಟೆಯವರೆಗೂ ಉಚಿತ ಯೋಗ ತರಬೇತಿಯನ್ನು ನೀಡುತ್ತಿದ್ದಾರೆ. ಆಸಕ್ತರು ಈ ಕೇಂದ್ರಕ್ಕೆ ಆಗಮಿಸಿ ಶುಲ್ಕ ರಹಿತವಾಗಿ ಯೋಗ ಕಲಿಯಬಹುದು ಎಂದರು. ಉಚಿತ ಯೋಗ ಕಲಿಕೆಗೆ ಸಹಕಾರ ನೀಡುತ್ತಿರುವ ಯುವ ಸಬಲೀಕರಣ ಮತ್ತು ಕ್ರೀಡಾ ಇಲಾಖೆಯ ಅಧಿಕಾರಿಗಳು,
ಸಿಬ್ಬಂದಿ ಹಾಗೂ ಜಿಲ್ಲಾಡಳಿತದ ಅಧಿಕಾರಿಗಳಿಗೆ ಧನ್ಯವಾದ ತಿಳಿಸಲು ಬಯಸುವೆ. ಹನುಮ ಜಯಂತಿಯಂದು ಇಲ್ಲಿಗೆ ಆಗಮಿಸಿ ೧೦೧ ಯೋಗ ನಮ ಸ್ಕಾರಗಳನ್ನು ಮಾಡುವುದರ ಮೂಲಕ ಯೋಗ ಕಾರ್ಯಕ್ರಮ ಸಫಲವಾಗಿದೆಯೆಂದು ತಿಳಿಸಿದರು. ೧೦೧ ನಮಸ್ಕಾರಗಳ ಯೋಗಾಭ್ಯಾಸದಲ್ಲಿ ನೂರಾರು ಜನರು ಹೊಡಗಿ ಭಕ್ತಿ ಪೂರ್ವಕ ನಮನಗಳನ್ನು ಹನುಮನಿಗೆ ಸಲ್ಲಿಸಿದರು. ಉಪನ್ಯಾಸಕ ಹಾಗೂ ಬೋಧಕರಾದ ಲೋಕನಾಥ್, ಯೋಗ ಗುರುಗಳಾದ ರಾಮಚಂದ್ರರೆಡ್ಡಿ, ಮಂಚನಬಲೆ ರವಿ, ವೀಣಾ ಲೋಕನಾಥ್, ಡಾ|| ಮಹೇಶ್, ಡ್ಯಾನ್ಸ್ ಶ್ರೀನಿವಾಸ್, ಮೂರ್ತಿ, ಪ್ರಭಾಕರ್, ಸೀನಪ್ಪ, ಹನುಮಂತಪ್ಪ, ನಗರಸಭೆ ಸದಸ್ಯ ವೆಂಕಟೇಶ್, ಯೋಗಾಸಕ್ತರಾದ ಮಂಜುನಾಥ್, ರಮೇಶ್, ಗೀತಾ ಮತ್ತಿತರರು ಹಾಜರಿದ್ದರು. ಯೋಗಾಸನಕ್ಕೂ ಮುನ್ನ ಹನುಮಾನ್ ಚಾಲೀಸವನ್ನು ಪಠಿಸಲಾಯಿತು. ♦ಉತ್ತರ ಕರ್ನಾಟಕದ ಜ್ವಲಂತ ಸಮಸ್ಯೆ, ಮೀಸಲಾತಿ ಬಿಕ್ಕಟ್ಟು ಮತ್ತಿತರ ವಿಷಯಗಳ ಕುರಿತು ಬೆಳಗಾವಿಯ ಸುವರ್ಣ ಸೌಧದಲ್ಲಿ ನಡೆಯುತ್ತಿರುವ ವಿಧಾನಮಂಡಲ ಅಧಿವೇಶನದಲ್ಲಿ ಪ್ರಸ್ತಾಪಿಸಲು ಆಡಳಿತ ಪಕ್ಷದ ಸದಸ್ಯರು ಅಡಿಪಡಿಸುತ್ತಿರುವರೆಂದು ಪ್ರತಿಪಕ್ಷ ನಾಯಕ ಆರ್. ಅಶೋಕ ಆಪಾದಿಸಿದ್ದಾರೆ.
ಸಂಕ್ಷಿಪ್ತ ವಾರ್ತಾ ಚಿತ್ರಲಹರಿ
ಕೆಜಿಎಫ್ ನಗರದಲ್ಲಿ ಗುರುವಾರ ಮುಂಜಾನೆಯಿಂದ ಮೋಡ ಕವಿದ ವಾತಾವರಣದೊಂದಿಗೆ ಪ್ರಾರಂಭವಾದ ಜಿಟಿಜಿಟಿ ಮಳೆಯಿಂದ ಜನಜೀವನ ಅಸ್ತವ್ಯಸ್ತವಾಗಿ ಶಾಲಾ-ಕಾಲೇಜುಗಳಿಗೆ ಹೋಗುವ ವಿದ್ಯಾರ್ಥಿಗಳು, ದೈನಂದಿನ ಕೆಲಸಗಳಿಗೆಂದು ಹಾಲೂಕು ಕಚೇರಿ, ಚಿಕಿತ್ಸೆಗೆಂದು ಆಸ್ಪತ್ರೆಗೆ ಹೋಗುವ ರೋಗಿಗಳು, ಮನೆಗಳಿಂದ ಹೊರಬರಲು ಸಾಧ್ಯವಾಗದೇ ಪರದಾಡುವಂತಾಯಿತು. ಸದಾ ಜನಜಂಗುಳಿಯಿಂದ ಕೂಡಿರುತ್ತಿದ್ದ ತಾಲ್ಲೂಕು ಆಡಳಿತ ಸೌಧ ಜನರಿಲ್ಲದೇ ಬಿಕೋ ಎನ್ನುತ್ತಿತ್ತು.
ಕೋಲಾರದ ದೇವರಾಜ ಅರಸು ಶುಶ್ರೂಷ ಮಹಾವಿದ್ಯಾಲಯ ಗ್ರಂಥಾಲಯ ವಿಭಾಗದಿಂದ ರೂಪಿಸಿದ್ದ ಪುಸ್ತಕ ಮೇಳವನ್ನು ನರ್ಸಿಂಗ್ ಕಾಲೇಜಿನ ಸಲಹೆಗಾರರಾದ ಹನುಮಂತರಾವ್ ಗಿಡಕ್ಕೆ ನೀರುಣಿಸುವ ಮೂಲಕ ಚಾಲನೆ ನೀಡಿದರು. ಪ್ರಾಂಶುಪಾಲೆ ಡಾ|| ಜಿ.ವಿಜಯಲಕ್ಷ್ಮಿ ಹಾಗೂ ಗ್ರಂಥಾಲಯ ಗ್ರಂಥಪಾಲಕ ಡಾ|| ಪ್ರಕಾಶ್ ಇತರರು ಹಾಜರಿದ್ದರು. ಜೆಪಿ ಮತ್ತು ಅಚ್ಯುತ ಪುಸ್ತಕ ಪ್ರಕಾಶನದ ಪುಸ್ತಕಗಳನ್ನು ಪ್ರದರ್ಶಿಸಿ ರಿಯಾಯಿತಿಯಲ್ಲಿ ಮಾರಾಟ ಮಾಡಲಾಯಿತು. ಅಧ್ಯಾಪಕಿ ವಿಳುಮಾ ಪ್ರಾರ್ಥಿಸಿದರು.
ಕೋಲಾರ ನಗರದ ಪಿಸಿ ಬಡಾವಣೆಯ ಕೋದಂಡರಾಮಸ್ವಾಮಿ ದೇವಾಲಯದ ಜೀರ್ಣೋದ್ಧಾರದ ನಿಮಿತ್ತ ೩೧ ಅಡಿಗಳ ಸೂರ್ಯ ಸ್ತಂಭ ಸ್ಥಾಪನಾ ಮಹೋತ್ಸವ ಹನುಮಜಯಂತಿಯಂದು ಅತ್ಯಂತ ವೈಭವದಿಂದ ನೆರವೇರಿದ್ದು, ವಿಶೇಷ ಪೂಜೆಯ ನಂತರ ಧ್ವಜಸ್ತಂಭವನ್ನು ಕ್ರೈನ್ ಸಹಾಯದಿಂದ ಅಳವಡಿಸಲಾಯಿತು. ತಾಲ್ಲೂಕಿನ ತಳಗುಂದ ಸಮೀಪದ ಬೆಟ್ಟದ ಏಕ ಶಿಲೆಯನ್ನು ಹಸಿ ಈ ಧ್ವಜಸ್ತಂಭವನ್ನು ಕೆತ್ತಿ ನಿರ್ಮಿಸಿದ್ದು, ಅತ್ಯಂತ ಸುಂದರವಾಗಿ ಮೂಡಿ ಬಂದಿದೆ.
